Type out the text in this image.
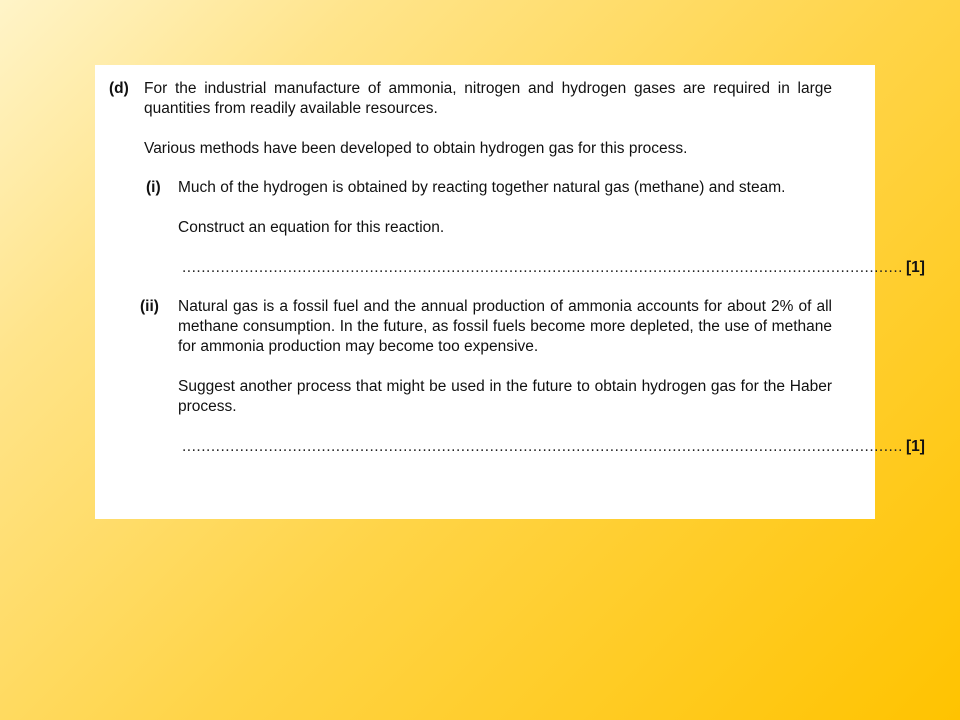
(d) For the industrial manufacture of ammonia, nitrogen and hydrogen gases are required in large quantities from readily available resources.
Various methods have been developed to obtain hydrogen gas for this process.
(i) Much of the hydrogen is obtained by reacting together natural gas (methane) and steam.
Construct an equation for this reaction.
...................................................................................................................................................... [1]
(ii) Natural gas is a fossil fuel and the annual production of ammonia accounts for about 2% of all methane consumption. In the future, as fossil fuels become more depleted, the use of methane for ammonia production may become too expensive.
Suggest another process that might be used in the future to obtain hydrogen gas for the Haber process.
...................................................................................................................................................... [1]
